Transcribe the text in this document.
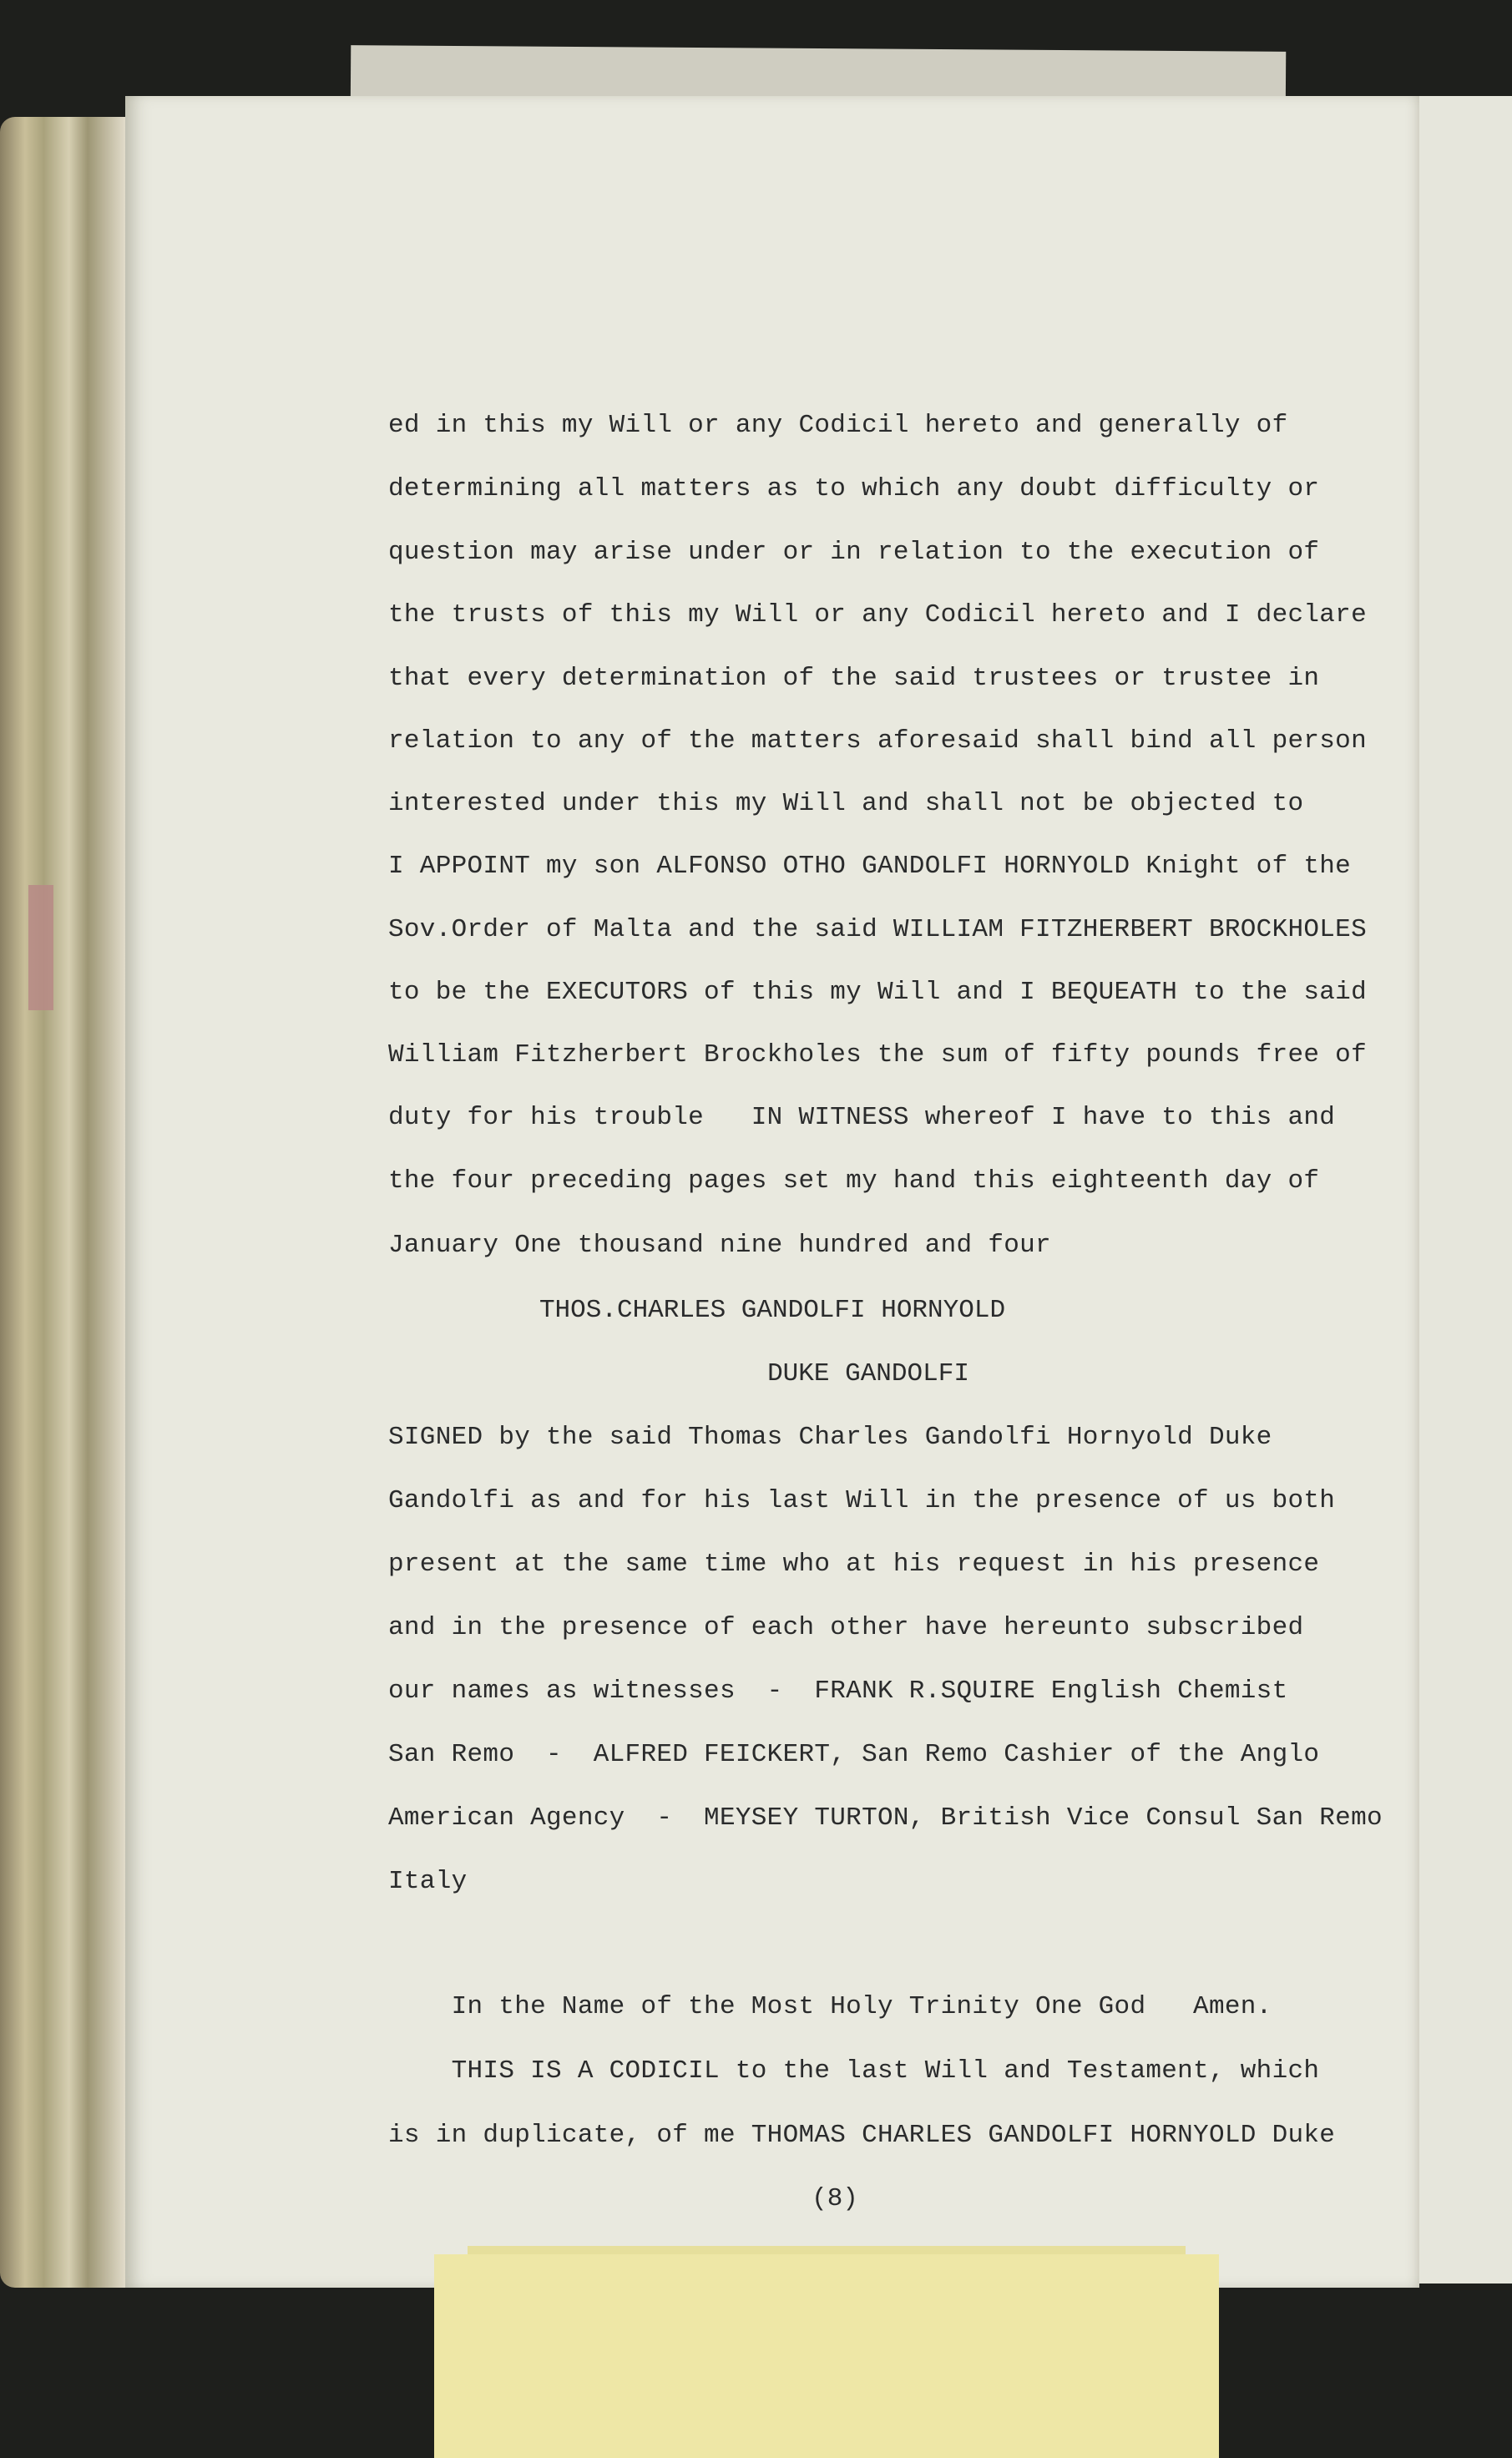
ed in this my Will or any Codicil hereto and generally of
determining all matters as to which any doubt difficulty or
question may arise under or in relation to the execution of
the trusts of this my Will or any Codicil hereto and I declare
that every determination of the said trustees or trustee in
relation to any of the matters aforesaid shall bind all person
interested under this my Will and shall not be objected to
I APPOINT my son ALFONSO OTHO GANDOLFI HORNYOLD Knight of the
Sov.Order of Malta and the said WILLIAM FITZHERBERT BROCKHOLES
to be the EXECUTORS of this my Will and I BEQUEATH to the said
William Fitzherbert Brockholes the sum of fifty pounds free of
duty for his trouble   IN WITNESS whereof I have to this and
the four preceding pages set my hand this eighteenth day of
January One thousand nine hundred and four
THOS.CHARLES GANDOLFI HORNYOLD
DUKE GANDOLFI
SIGNED by the said Thomas Charles Gandolfi Hornyold Duke
Gandolfi as and for his last Will in the presence of us both
present at the same time who at his request in his presence
and in the presence of each other have hereunto subscribed
our names as witnesses  -  FRANK R.SQUIRE English Chemist
San Remo  -  ALFRED FEICKERT, San Remo Cashier of the Anglo
American Agency  -  MEYSEY TURTON, British Vice Consul San Remo
Italy
In the Name of the Most Holy Trinity One God   Amen.
THIS IS A CODICIL to the last Will and Testament, which
is in duplicate, of me THOMAS CHARLES GANDOLFI HORNYOLD Duke
(8)
